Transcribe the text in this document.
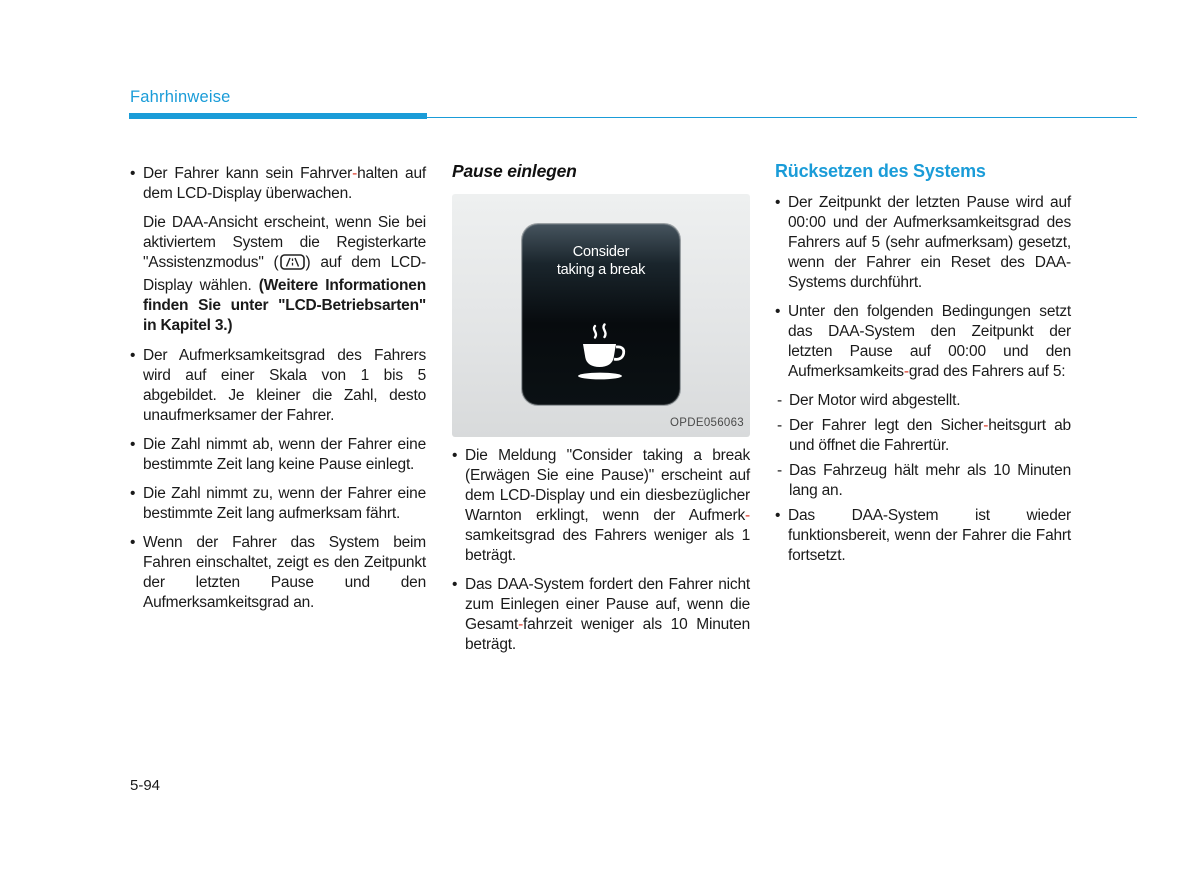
Fahrhinweise
• Der Fahrer kann sein Fahrver-halten auf dem LCD-Display überwachen.
Die DAA-Ansicht erscheint, wenn Sie bei aktiviertem System die Registerkarte "Assistenzmodus" ( ) auf dem LCD-Display wählen. (Weitere Informationen finden Sie unter "LCD-Betriebsarten" in Kapitel 3.)
• Der Aufmerksamkeitsgrad des Fahrers wird auf einer Skala von 1 bis 5 abgebildet. Je kleiner die Zahl, desto unaufmerksamer der Fahrer.
• Die Zahl nimmt ab, wenn der Fahrer eine bestimmte Zeit lang keine Pause einlegt.
• Die Zahl nimmt zu, wenn der Fahrer eine bestimmte Zeit lang aufmerksam fährt.
• Wenn der Fahrer das System beim Fahren einschaltet, zeigt es den Zeitpunkt der letzten Pause und den Aufmerksamkeitsgrad an.
Pause einlegen
Consider
taking a break
OPDE056063
• Die Meldung "Consider taking a break (Erwägen Sie eine Pause)" erscheint auf dem LCD-Display und ein diesbezüglicher Warnton erklingt, wenn der Aufmerk-samkeitsgrad des Fahrers weniger als 1 beträgt.
• Das DAA-System fordert den Fahrer nicht zum Einlegen einer Pause auf, wenn die Gesamt-fahrzeit weniger als 10 Minuten beträgt.
Rücksetzen des Systems
• Der Zeitpunkt der letzten Pause wird auf 00:00 und der Aufmerksamkeitsgrad des Fahrers auf 5 (sehr aufmerksam) gesetzt, wenn der Fahrer ein Reset des DAA-Systems durchführt.
• Unter den folgenden Bedingungen setzt das DAA-System den Zeitpunkt der letzten Pause auf 00:00 und den Aufmerksamkeits-grad des Fahrers auf 5:
- Der Motor wird abgestellt.
- Der Fahrer legt den Sicher-heitsgurt ab und öffnet die Fahrertür.
- Das Fahrzeug hält mehr als 10 Minuten lang an.
• Das DAA-System ist wieder funktionsbereit, wenn der Fahrer die Fahrt fortsetzt.
5-94
